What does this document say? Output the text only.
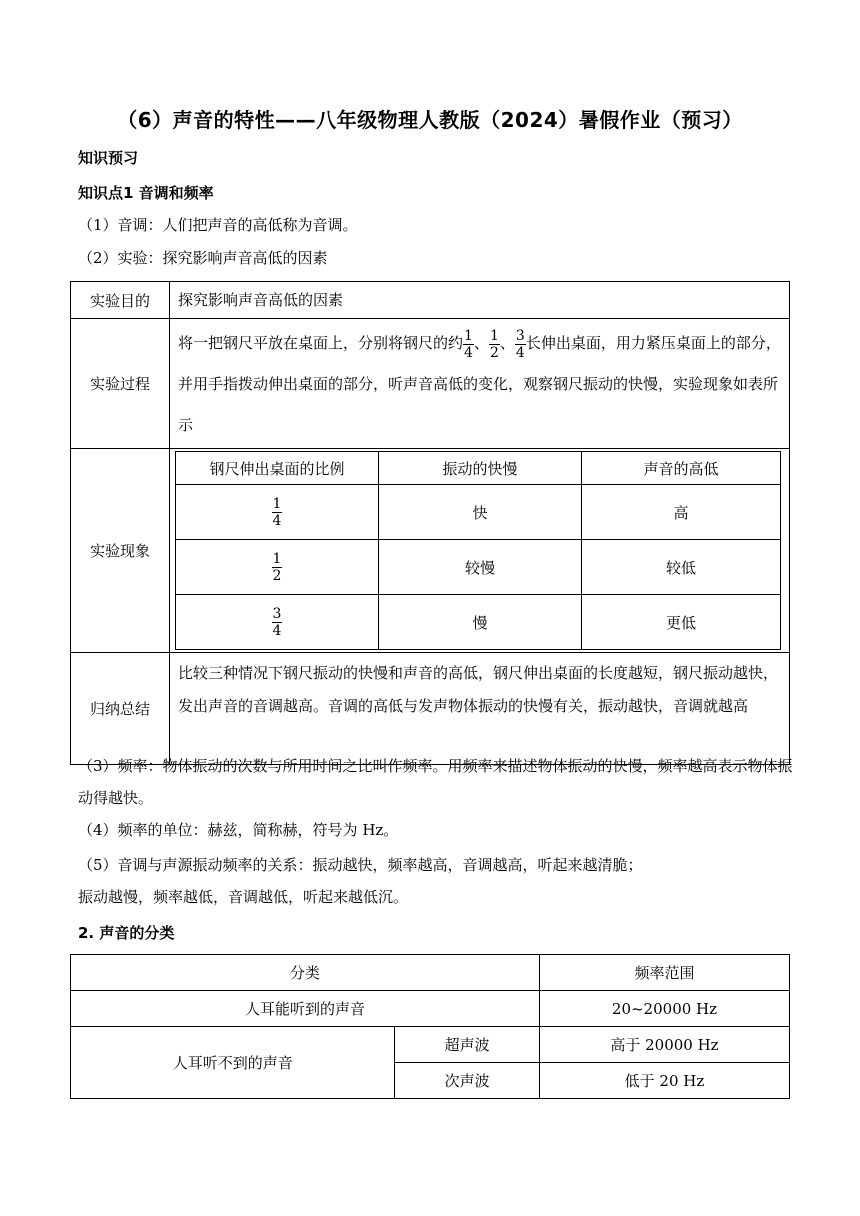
（6）声音的特性——八年级物理人教版（2024）暑假作业（预习）
知识预习
知识点1 音调和频率
（1）音调：人们把声音的高低称为音调。
（2）实验：探究影响声音高低的因素
实验目的	探究影响声音高低的因素
实验过程	将一把钢尺平放在桌面上，分别将钢尺的约 $\frac{1}{4}$ 、 $\frac{1}{2}$ 、 $\frac{3}{4}$ 长伸出桌面，用力紧压桌面上的部分，并用手指拨动伸出桌面的部分，听声音高低的变化，观察钢尺振动的快慢，实验现象如表所示
实验现象	
钢尺伸出桌面的比例	振动的快慢	声音的高低

$\frac{1}{4}$	快	高

$\frac{1}{2}$	较慢	较低

$\frac{3}{4}$	慢	更低

归纳总结	比较三种情况下钢尺振动的快慢和声音的高低，钢尺伸出桌面的长度越短，钢尺振动越快，发出声音的音调越高。音调的高低与发声物体振动的快慢有关，振动越快，音调就越高
（3）频率：物体振动的次数与所用时间之比叫作频率。用频率来描述物体振动的快慢，频率越高表示物体振动得越快。
（4）频率的单位：赫兹，简称赫，符号为 Hz。
（5）音调与声源振动频率的关系：振动越快，频率越高，音调越高，听起来越清脆；
振动越慢，频率越低，音调越低，听起来越低沉。
2. 声音的分类
分类		频率范围
人耳能听到的声音		20~20000 Hz
人耳听不到的声音	超声波	高于 20000 Hz
	次声波	低于 20 Hz
